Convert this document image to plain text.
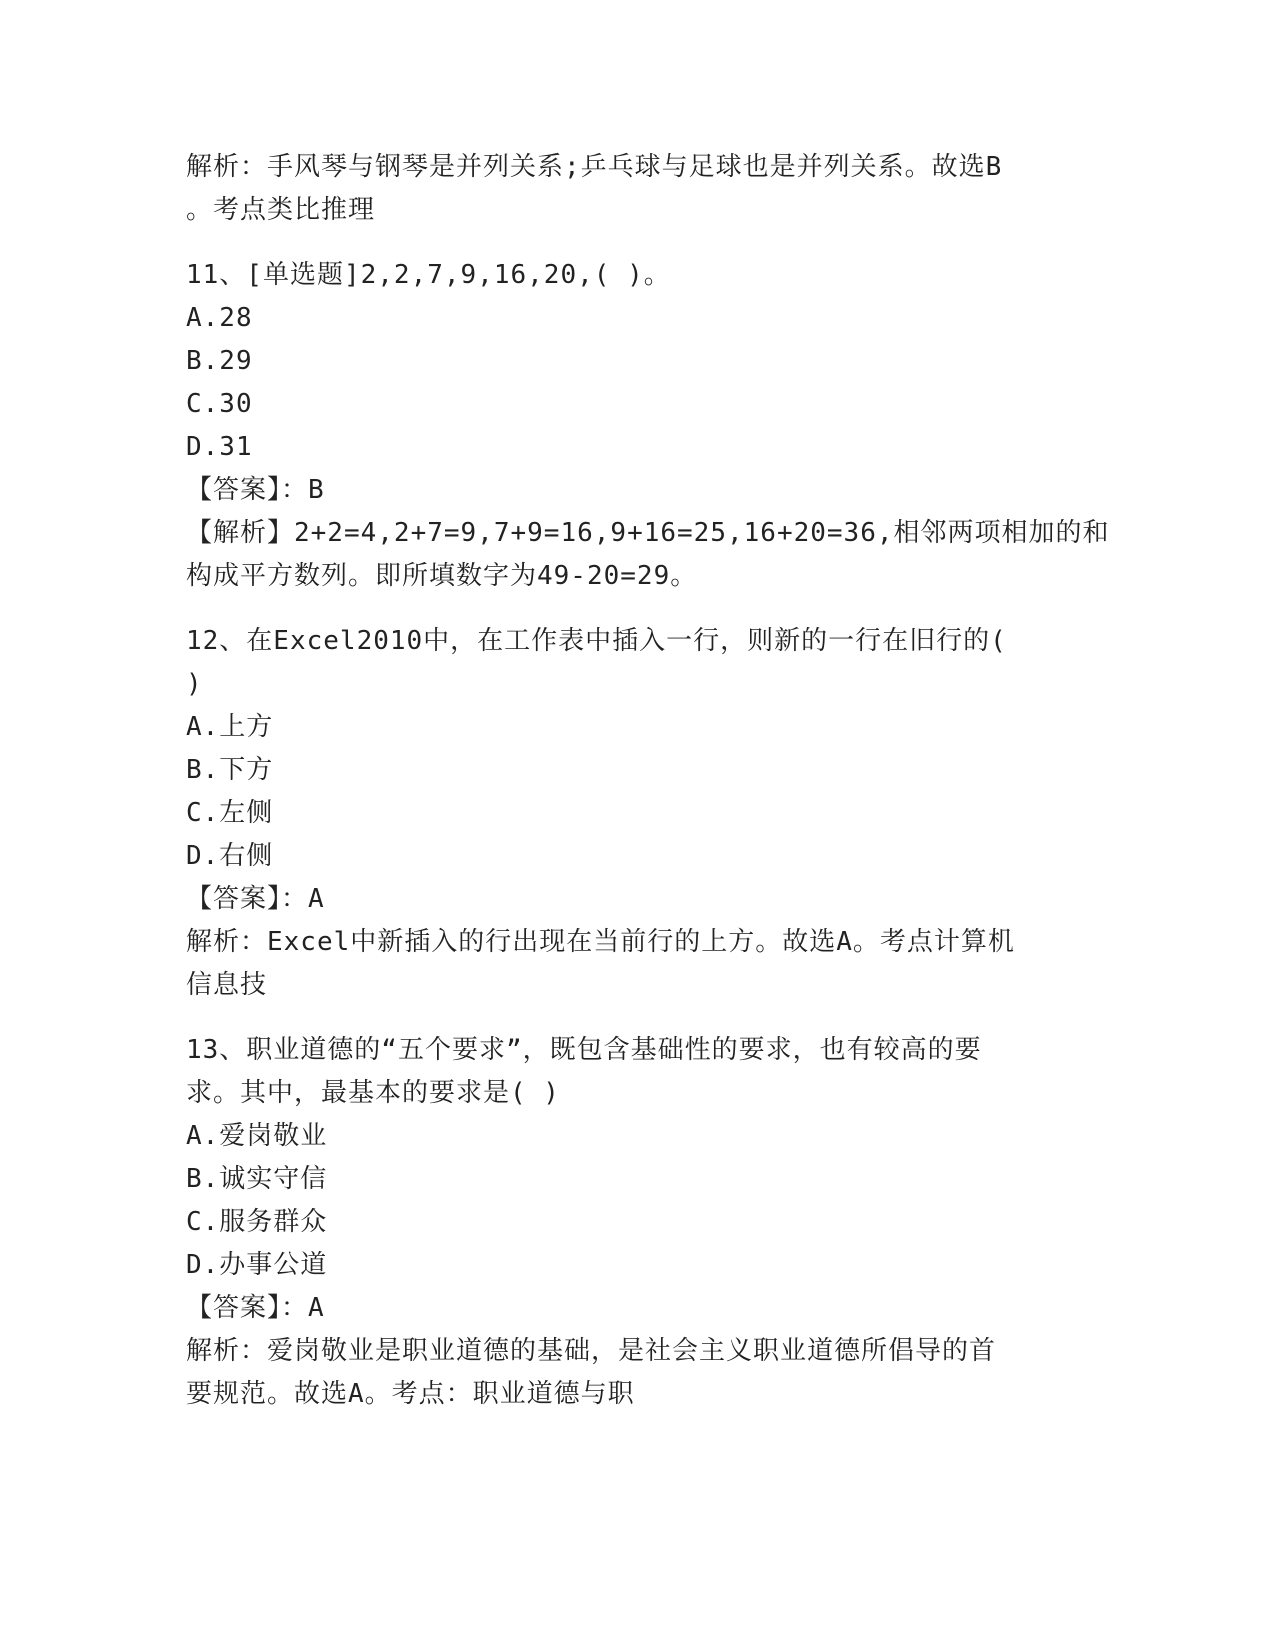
解析：手风琴与钢琴是并列关系;乒乓球与足球也是并列关系。故选B
。考点类比推理
11、[单选题]2,2,7,9,16,20,( )。
A.28
B.29
C.30
D.31
【答案】：B
【解析】2+2=4,2+7=9,7+9=16,9+16=25,16+20=36,相邻两项相加的和
构成平方数列。即所填数字为49-20=29。
12、在Excel2010中，在工作表中插入一行，则新的一行在旧行的(
)
A.上方
B.下方
C.左侧
D.右侧
【答案】：A
解析：Excel中新插入的行出现在当前行的上方。故选A。考点计算机
信息技
13、职业道德的“五个要求”，既包含基础性的要求，也有较高的要
求。其中，最基本的要求是( )
A.爱岗敬业
B.诚实守信
C.服务群众
D.办事公道
【答案】：A
解析：爱岗敬业是职业道德的基础，是社会主义职业道德所倡导的首
要规范。故选A。考点：职业道德与职
